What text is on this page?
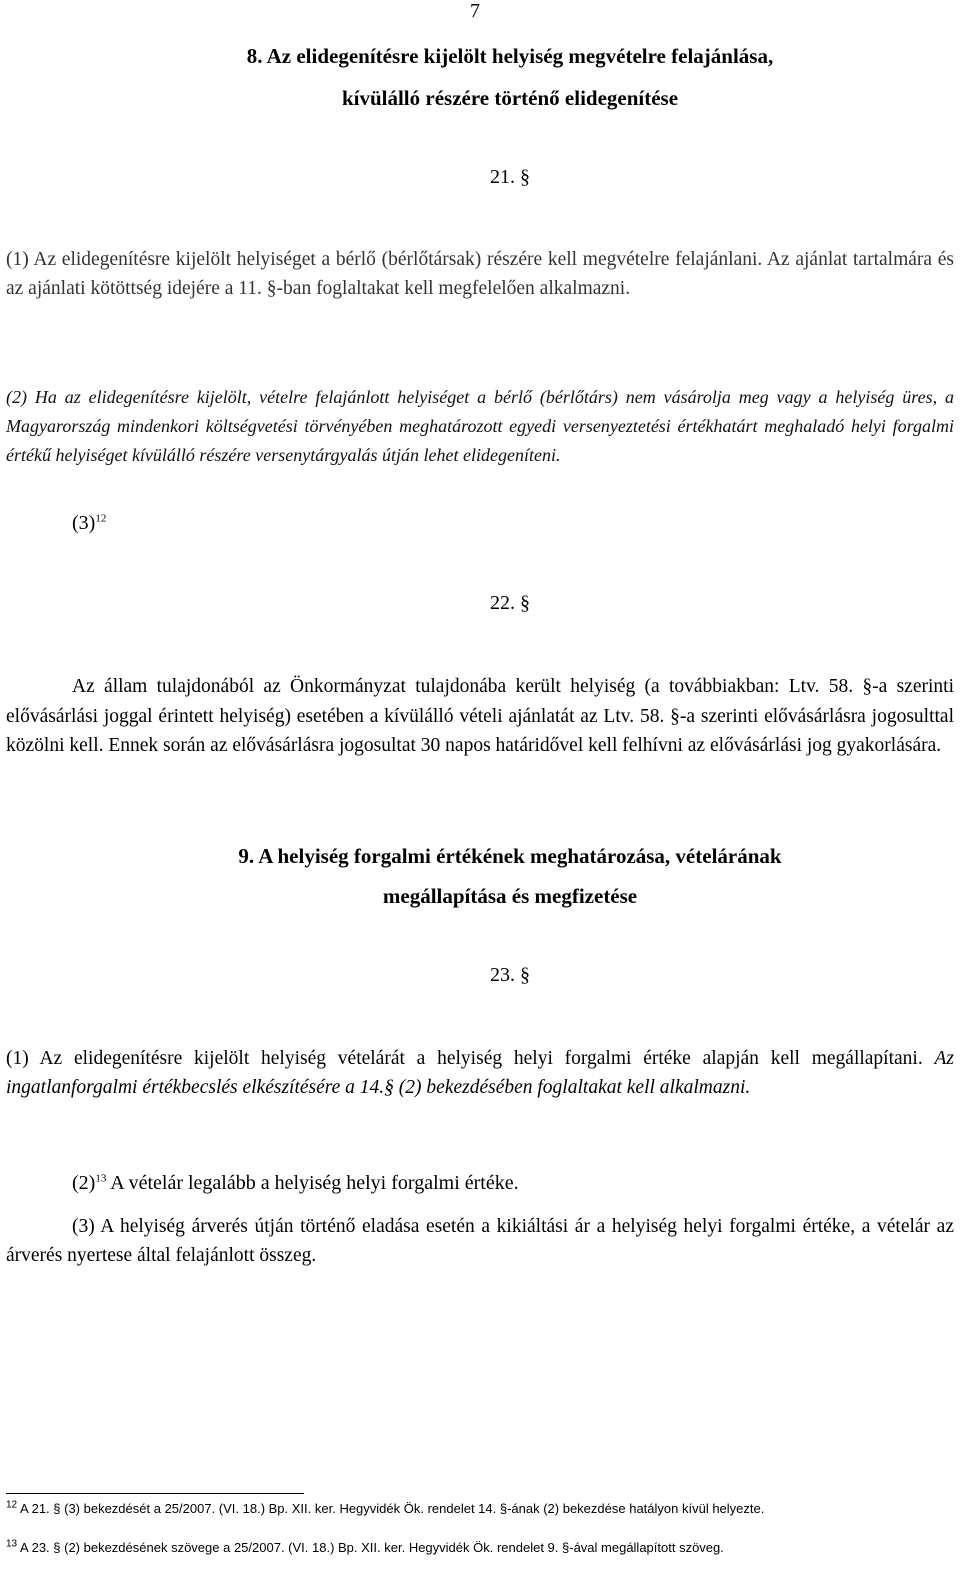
7
8. Az elidegenítésre kijelölt helyiség megvételre felajánlása,
kívülálló részére történő elidegenítése
21. §
(1) Az elidegenítésre kijelölt helyiséget a bérlő (bérlőtársak) részére kell megvételre felajánlani. Az ajánlat tartalmára és az ajánlati kötöttség idejére a 11. §-ban foglaltakat kell megfelelően alkalmazni.
(2) Ha az elidegenítésre kijelölt, vételre felajánlott helyiséget a bérlő (bérlőtárs) nem vásárolja meg vagy a helyiség üres, a Magyarország mindenkori költségvetési törvényében meghatározott egyedi versenyeztetési értékhatárt meghaladó helyi forgalmi értékű helyiséget kívülálló részére versenytárgyalás útján lehet elidegeníteni.
$(3)^{12}$
22. §
Az állam tulajdonából az Önkormányzat tulajdonába került helyiség (a továbbiakban: Ltv. 58. §-a szerinti elővásárlási joggal érintett helyiség) esetében a kívülálló vételi ajánlatát az Ltv. 58. §-a szerinti elővásárlásra jogosulttal közölni kell. Ennek során az elővásárlásra jogosultat 30 napos határidővel kell felhívni az elővásárlási jog gyakorlására.
9. A helyiség forgalmi értékének meghatározása, vételárának
megállapítása és megfizetése
23. §
(1) Az elidegenítésre kijelölt helyiség vételárát a helyiség helyi forgalmi értéke alapján kell megállapítani. Az ingatlanforgalmi értékbecslés elkészítésére a 14.§ (2) bekezdésében foglaltakat kell alkalmazni.
$(2)^{13}$ A vételár legalább a helyiség helyi forgalmi értéke.
(3) A helyiség árverés útján történő eladása esetén a kikiáltási ár a helyiség helyi forgalmi értéke, a vételár az árverés nyertese által felajánlott összeg.
$^{12}$ A 21. § (3) bekezdését a 25/2007. (VI. 18.) Bp. XII. ker. Hegyvidék Ök. rendelet 14. §-ának (2) bekezdése hatályon kívül helyezte.
$^{13}$ A 23. § (2) bekezdésének szövege a 25/2007. (VI. 18.) Bp. XII. ker. Hegyvidék Ök. rendelet 9. §-ával megállapított szöveg.
